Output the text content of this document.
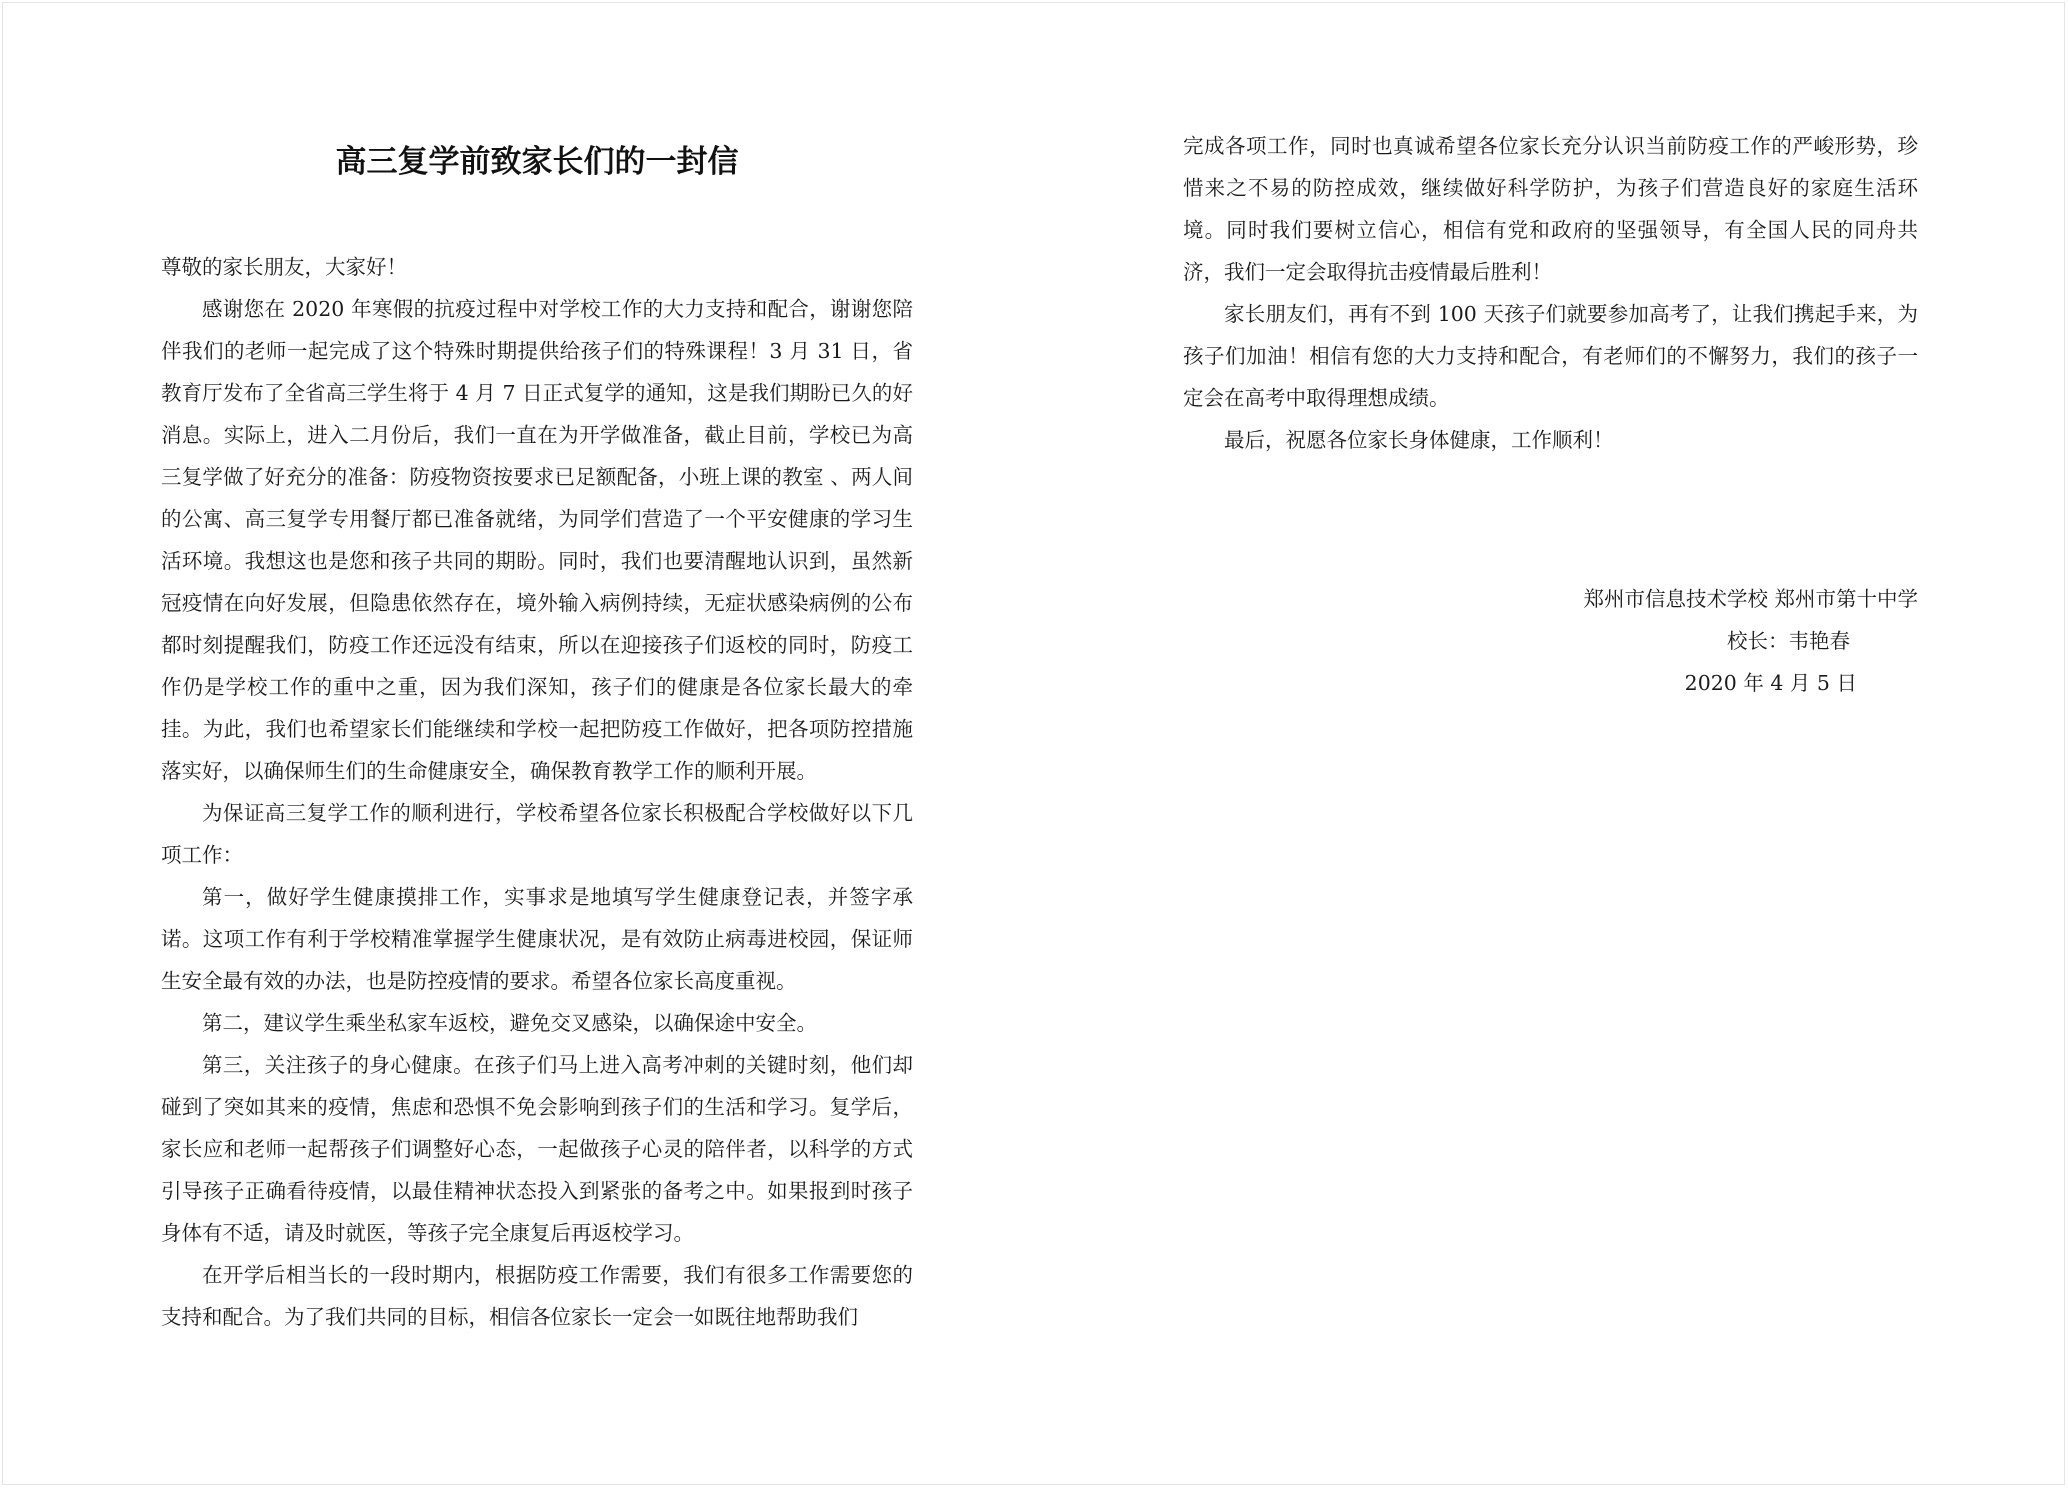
高三复学前致家长们的一封信

尊敬的家长朋友，大家好！

感谢您在 2020 年寒假的抗疫过程中对学校工作的大力支持和配合，谢谢您陪伴我们的老师一起完成了这个特殊时期提供给孩子们的特殊课程！3 月 31 日，省教育厅发布了全省高三学生将于 4 月 7 日正式复学的通知，这是我们期盼已久的好消息。实际上，进入二月份后，我们一直在为开学做准备，截止目前，学校已为高三复学做了好充分的准备：防疫物资按要求已足额配备，小班上课的教室 、两人间的公寓、高三复学专用餐厅都已准备就绪，为同学们营造了一个平安健康的学习生活环境。我想这也是您和孩子共同的期盼。同时，我们也要清醒地认识到，虽然新冠疫情在向好发展，但隐患依然存在，境外输入病例持续，无症状感染病例的公布都时刻提醒我们，防疫工作还远没有结束，所以在迎接孩子们返校的同时，防疫工作仍是学校工作的重中之重，因为我们深知，孩子们的健康是各位家长最大的牵挂。为此，我们也希望家长们能继续和学校一起把防疫工作做好，把各项防控措施落实好，以确保师生们的生命健康安全，确保教育教学工作的顺利开展。

为保证高三复学工作的顺利进行，学校希望各位家长积极配合学校做好以下几项工作：

第一，做好学生健康摸排工作，实事求是地填写学生健康登记表，并签字承诺。这项工作有利于学校精准掌握学生健康状况，是有效防止病毒进校园，保证师生安全最有效的办法，也是防控疫情的要求。希望各位家长高度重视。

第二，建议学生乘坐私家车返校，避免交叉感染，以确保途中安全。

第三，关注孩子的身心健康。在孩子们马上进入高考冲刺的关键时刻，他们却碰到了突如其来的疫情，焦虑和恐惧不免会影响到孩子们的生活和学习。复学后，家长应和老师一起帮孩子们调整好心态，一起做孩子心灵的陪伴者，以科学的方式引导孩子正确看待疫情，以最佳精神状态投入到紧张的备考之中。如果报到时孩子身体有不适，请及时就医，等孩子完全康复后再返校学习。

在开学后相当长的一段时期内，根据防疫工作需要，我们有很多工作需要您的支持和配合。为了我们共同的目标，相信各位家长一定会一如既往地帮助我们

完成各项工作，同时也真诚希望各位家长充分认识当前防疫工作的严峻形势，珍惜来之不易的防控成效，继续做好科学防护，为孩子们营造良好的家庭生活环境。同时我们要树立信心，相信有党和政府的坚强领导，有全国人民的同舟共济，我们一定会取得抗击疫情最后胜利！

家长朋友们，再有不到 100 天孩子们就要参加高考了，让我们携起手来，为孩子们加油！相信有您的大力支持和配合，有老师们的不懈努力，我们的孩子一定会在高考中取得理想成绩。

最后，祝愿各位家长身体健康，工作顺利！

郑州市信息技术学校 郑州市第十中学
校长：韦艳春
2020 年 4 月 5 日
